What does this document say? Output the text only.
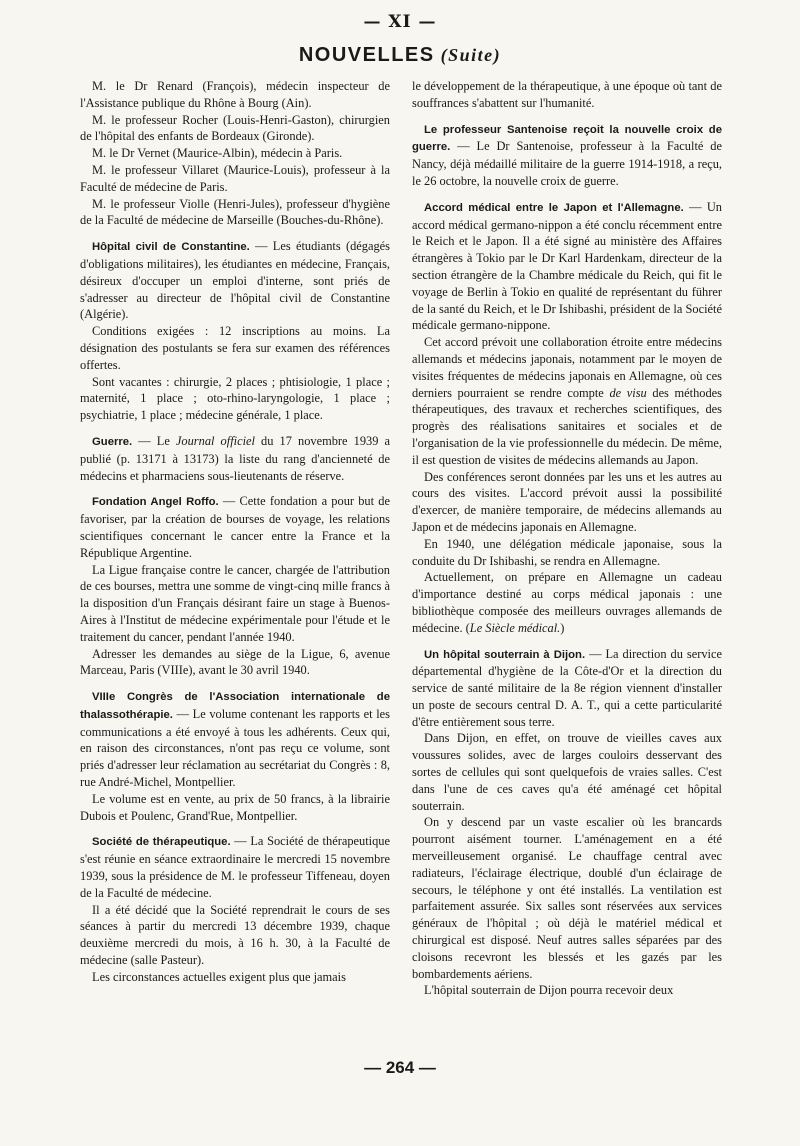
— XI —
NOUVELLES (Suite)

M. le Dr Renard (François), médecin inspecteur de l'Assistance publique du Rhône à Bourg (Ain).

M. le professeur Rocher (Louis-Henri-Gaston), chirurgien de l'hôpital des enfants de Bordeaux (Gironde).

M. le Dr Vernet (Maurice-Albin), médecin à Paris.

M. le professeur Villaret (Maurice-Louis), professeur à la Faculté de médecine de Paris.

M. le professeur Violle (Henri-Jules), professeur d'hygiène de la Faculté de médecine de Marseille (Bouches-du-Rhône).

Hôpital civil de Constantine. — Les étudiants (dégagés d'obligations militaires), les étudiantes en médecine, Français, désireux d'occuper un emploi d'interne, sont priés de s'adresser au directeur de l'hôpital civil de Constantine (Algérie).

Conditions exigées : 12 inscriptions au moins. La désignation des postulants se fera sur examen des références offertes.

Sont vacantes : chirurgie, 2 places ; phtisiologie, 1 place ; maternité, 1 place ; oto-rhino-laryngologie, 1 place ; psychiatrie, 1 place ; médecine générale, 1 place.

Guerre. — Le Journal officiel du 17 novembre 1939 a publié (p. 13171 à 13173) la liste du rang d'ancienneté de médecins et pharmaciens sous-lieutenants de réserve.

Fondation Angel Roffo. — Cette fondation a pour but de favoriser, par la création de bourses de voyage, les relations scientifiques concernant le cancer entre la France et la République Argentine.

La Ligue française contre le cancer, chargée de l'attribution de ces bourses, mettra une somme de vingt-cinq mille francs à la disposition d'un Français désirant faire un stage à Buenos-Aires à l'Institut de médecine expérimentale pour l'étude et le traitement du cancer, pendant l'année 1940.

Adresser les demandes au siège de la Ligue, 6, avenue Marceau, Paris (VIIIe), avant le 30 avril 1940.

VIIIe Congrès de l'Association internationale de thalassothérapie. — Le volume contenant les rapports et les communications a été envoyé à tous les adhérents. Ceux qui, en raison des circonstances, n'ont pas reçu ce volume, sont priés d'adresser leur réclamation au secrétariat du Congrès : 8, rue André-Michel, Montpellier.

Le volume est en vente, au prix de 50 francs, à la librairie Dubois et Poulenc, Grand'Rue, Montpellier.

Société de thérapeutique. — La Société de thérapeutique s'est réunie en séance extraordinaire le mercredi 15 novembre 1939, sous la présidence de M. le professeur Tiffeneau, doyen de la Faculté de médecine.

Il a été décidé que la Société reprendrait le cours de ses séances à partir du mercredi 13 décembre 1939, chaque deuxième mercredi du mois, à 16 h. 30, à la Faculté de médecine (salle Pasteur).

Les circonstances actuelles exigent plus que jamais

le développement de la thérapeutique, à une époque où tant de souffrances s'abattent sur l'humanité.

Le professeur Santenoise reçoit la nouvelle croix de guerre. — Le Dr Santenoise, professeur à la Faculté de Nancy, déjà médaillé militaire de la guerre 1914-1918, a reçu, le 26 octobre, la nouvelle croix de guerre.

Accord médical entre le Japon et l'Allemagne. — Un accord médical germano-nippon a été conclu récemment entre le Reich et le Japon. Il a été signé au ministère des Affaires étrangères à Tokio par le Dr Karl Hardenkam, directeur de la section étrangère de la Chambre médicale du Reich, qui fit le voyage de Berlin à Tokio en qualité de représentant du führer de la santé du Reich, et le Dr Ishibashi, président de la Société médicale germano-nippone.

Cet accord prévoit une collaboration étroite entre médecins allemands et médecins japonais, notamment par le moyen de visites fréquentes de médecins japonais en Allemagne, où ces derniers pourraient se rendre compte de visu des méthodes thérapeutiques, des travaux et recherches scientifiques, des progrès des réalisations sanitaires et sociales et de l'organisation de la vie professionnelle du médecin. De même, il est question de visites de médecins allemands au Japon.

Des conférences seront données par les uns et les autres au cours des visites. L'accord prévoit aussi la possibilité d'exercer, de manière temporaire, de médecins allemands au Japon et de médecins japonais en Allemagne.

En 1940, une délégation médicale japonaise, sous la conduite du Dr Ishibashi, se rendra en Allemagne.

Actuellement, on prépare en Allemagne un cadeau d'importance destiné au corps médical japonais : une bibliothèque composée des meilleurs ouvrages allemands de médecine. (Le Siècle médical.)

Un hôpital souterrain à Dijon. — La direction du service départemental d'hygiène de la Côte-d'Or et la direction du service de santé militaire de la 8e région viennent d'installer un poste de secours central D. A. T., qui a cette particularité d'être entièrement sous terre.

Dans Dijon, en effet, on trouve de vieilles caves aux voussures solides, avec de larges couloirs desservant des sortes de cellules qui sont quelquefois de vraies salles. C'est dans l'une de ces caves qu'a été aménagé cet hôpital souterrain.

On y descend par un vaste escalier où les brancards pourront aisément tourner. L'aménagement en a été merveilleusement organisé. Le chauffage central avec radiateurs, l'éclairage électrique, doublé d'un éclairage de secours, le téléphone y ont été installés. La ventilation est parfaitement assurée. Six salles sont réservées aux services généraux de l'hôpital ; où déjà le matériel médical et chirurgical est disposé. Neuf autres salles séparées par des cloisons recevront les blessés et les gazés par les bombardements aériens.

L'hôpital souterrain de Dijon pourra recevoir deux

— 264 —
